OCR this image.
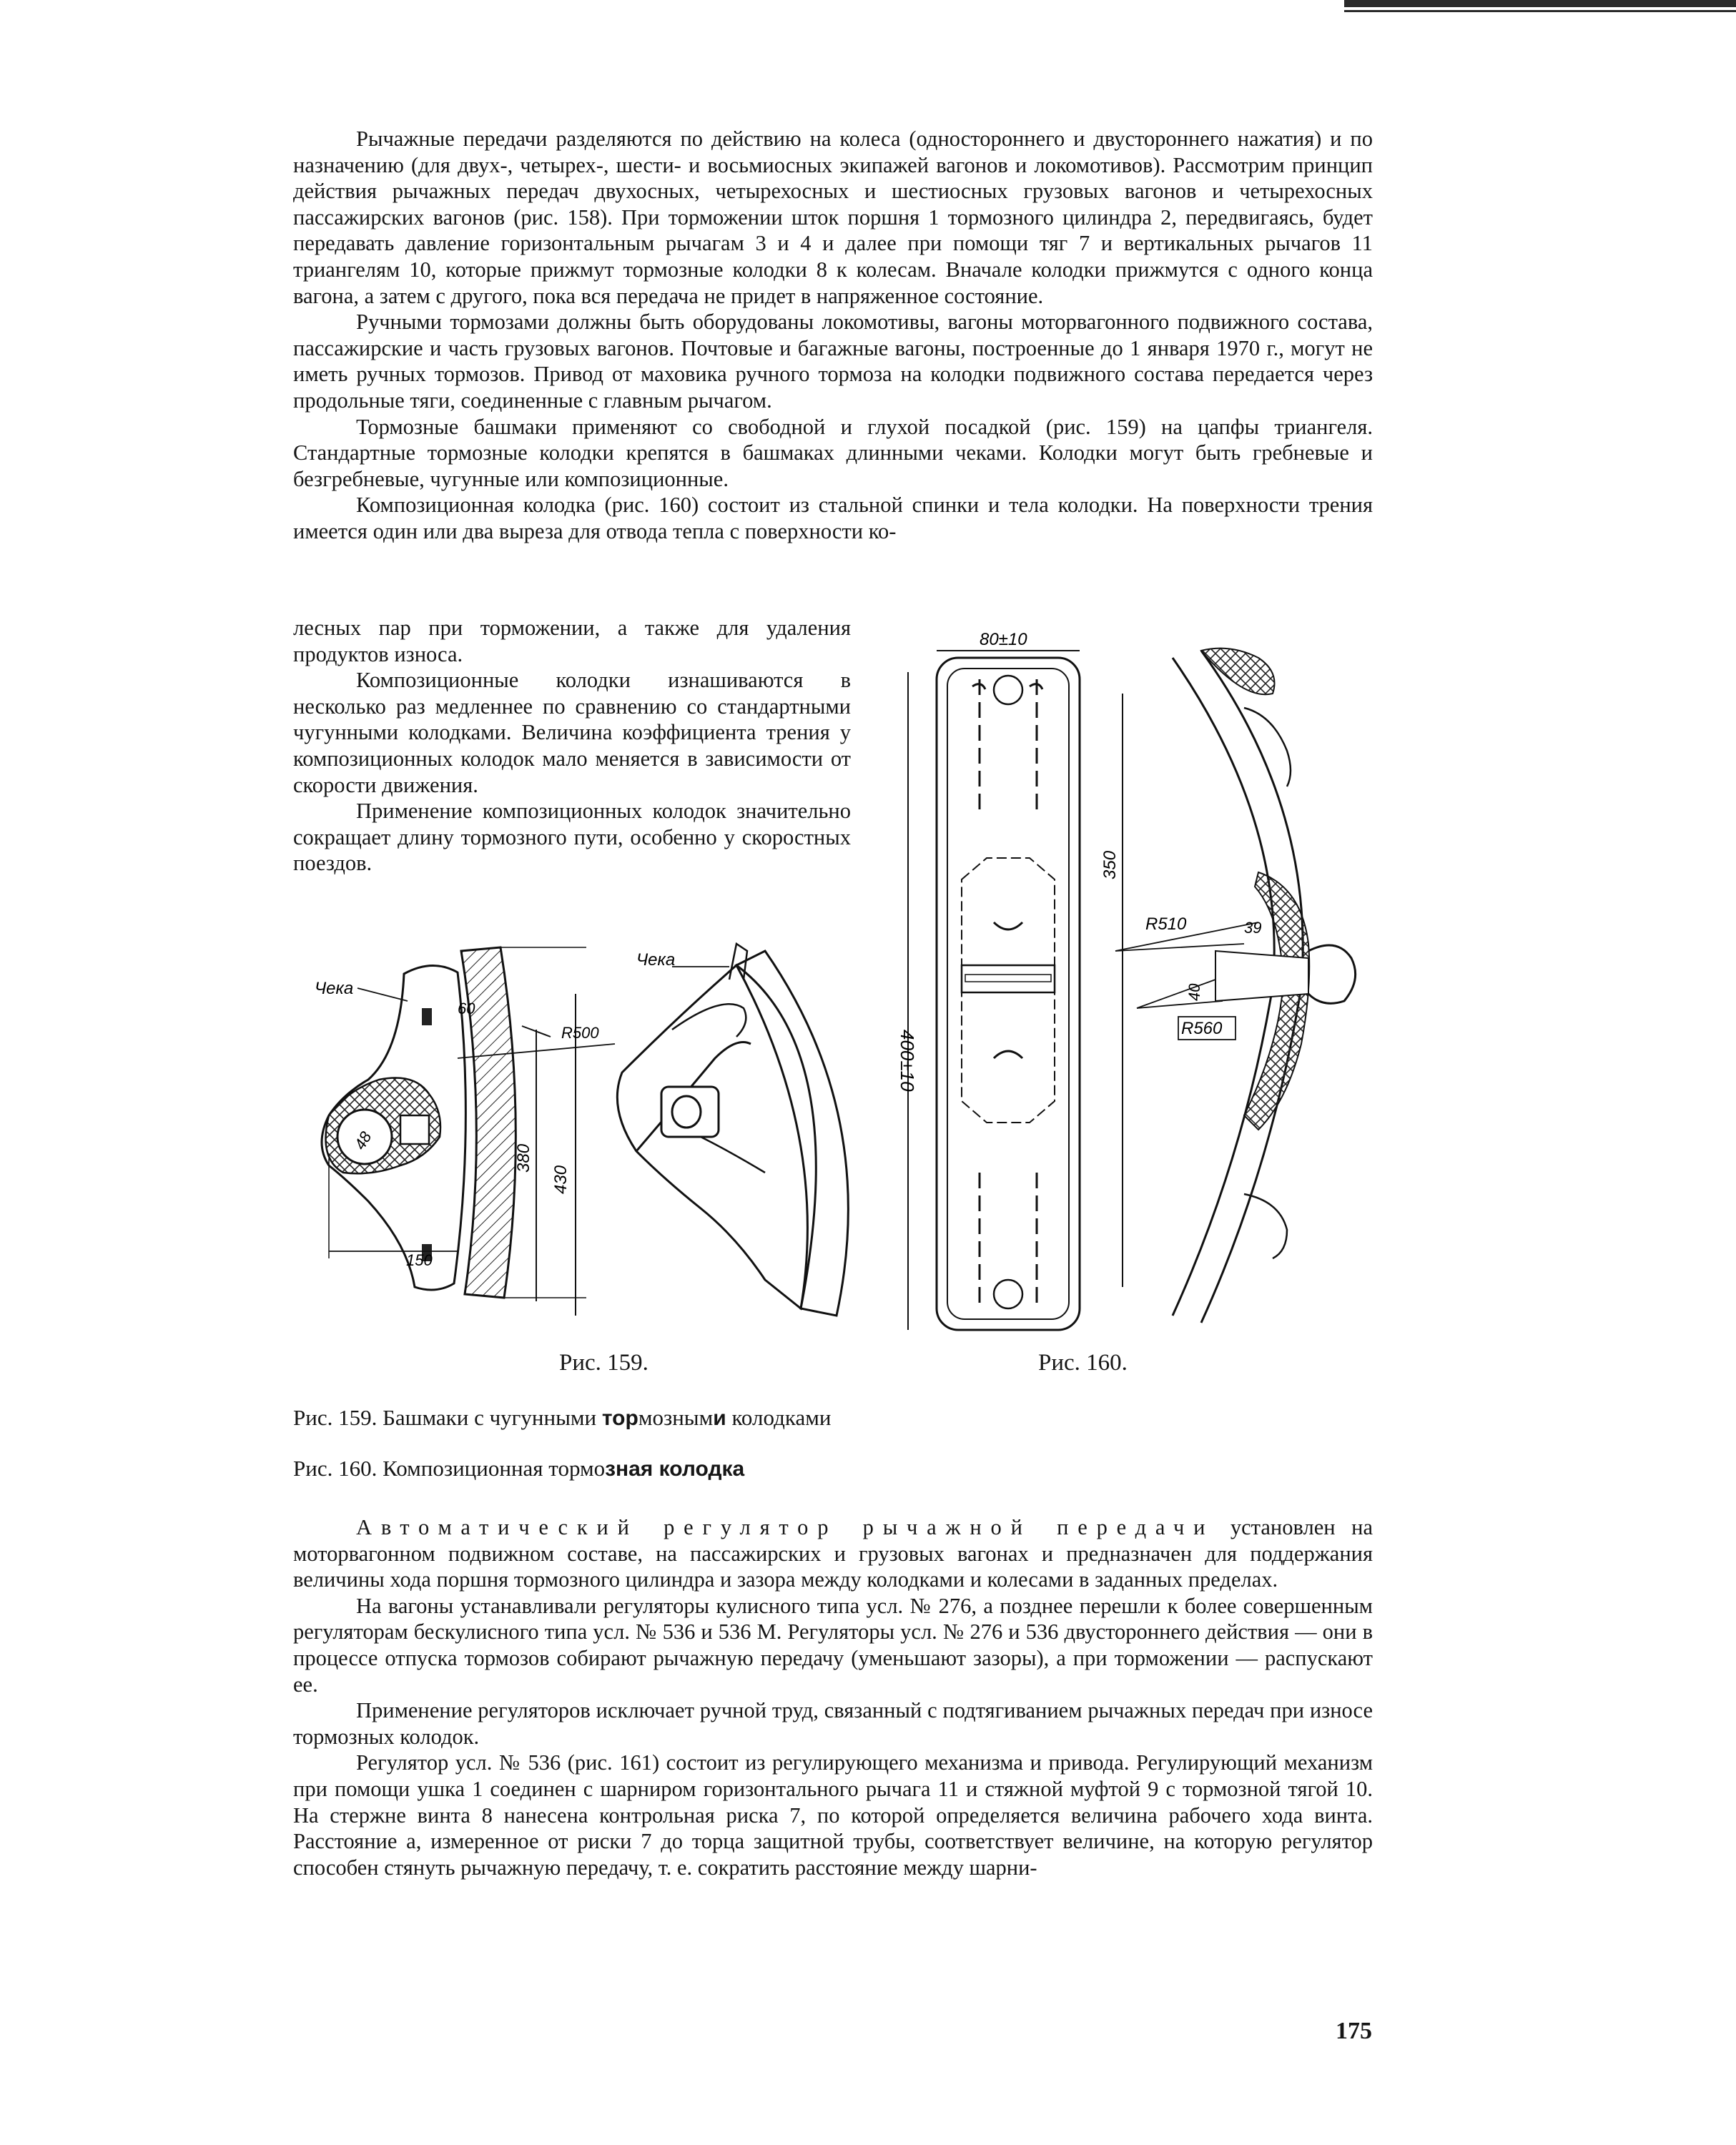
Рычажные передачи разделяются по действию на колеса (одностороннего и двустороннего нажатия) и по назначению (для двух-, четырех-, шести- и восьмиосных экипажей вагонов и локомотивов). Рассмотрим принцип действия рычажных передач двухосных, четырехосных и шестиосных грузовых вагонов и четырехосных пассажирских вагонов (рис. 158). При торможении шток поршня 1 тормозного цилиндра 2, передвигаясь, будет передавать давление горизонтальным рычагам 3 и 4 и далее при помощи тяг 7 и вертикальных рычагов 11 триангелям 10, которые прижмут тормозные колодки 8 к колесам. Вначале колодки прижмутся с одного конца вагона, а затем с другого, пока вся передача не придет в напряженное состояние.

Ручными тормозами должны быть оборудованы локомотивы, вагоны моторвагонного подвижного состава, пассажирские и часть грузовых вагонов. Почтовые и багажные вагоны, построенные до 1 января 1970 г., могут не иметь ручных тормозов. Привод от маховика ручного тормоза на колодки подвижного состава передается через продольные тяги, соединенные с главным рычагом.

Тормозные башмаки применяют со свободной и глухой посадкой (рис. 159) на цапфы триангеля. Стандартные тормозные колодки крепятся в башмаках длинными чеками. Колодки могут быть гребневые и безгребневые, чугунные или композиционные.

Композиционная колодка (рис. 160) состоит из стальной спинки и тела колодки. На поверхности трения имеется один или два выреза для отвода тепла с поверхности ко-

лесных пар при торможении, а также для удаления продуктов износа.

Композиционные колодки изнашиваются в несколько раз медленнее по сравнению со стандартными чугунными колодками. Величина коэффициента трения у композиционных колодок мало меняется в зависимости от скорости движения.

Применение композиционных колодок значительно сокращает длину тормозного пути, особенно у скоростных поездов.

48
Чека
60
R500
380
430
150
Чека
80±10
400±10
350
R510	39
40
R560
Рис. 159.	Рис. 160.
Рис. 159. Башмаки с чугунными тормозными колодками
Рис. 160. Композиционная тормозная колодка

Автоматический регулятор рычажной передачи установлен на моторвагонном подвижном составе, на пассажирских и грузовых вагонах и предназначен для поддержания величины хода поршня тормозного цилиндра и зазора между колодками и колесами в заданных пределах.

На вагоны устанавливали регуляторы кулисного типа усл. № 276, а позднее перешли к более совершенным регуляторам бескулисного типа усл. № 536 и 536 М. Регуляторы усл. № 276 и 536 двустороннего действия — они в процессе отпуска тормозов собирают рычажную передачу (уменьшают зазоры), а при торможении — распускают ее.

Применение регуляторов исключает ручной труд, связанный с подтягиванием рычажных передач при износе тормозных колодок.

Регулятор усл. № 536 (рис. 161) состоит из регулирующего механизма и привода. Регулирующий механизм при помощи ушка 1 соединен с шарниром горизонтального рычага 11 и стяжной муфтой 9 с тормозной тягой 10. На стержне винта 8 нанесена контрольная риска 7, по которой определяется величина рабочего хода винта. Расстояние а, измеренное от риски 7 до торца защитной трубы, соответствует величине, на которую регулятор способен стянуть рычажную передачу, т. е. сократить расстояние между шарни-

175
